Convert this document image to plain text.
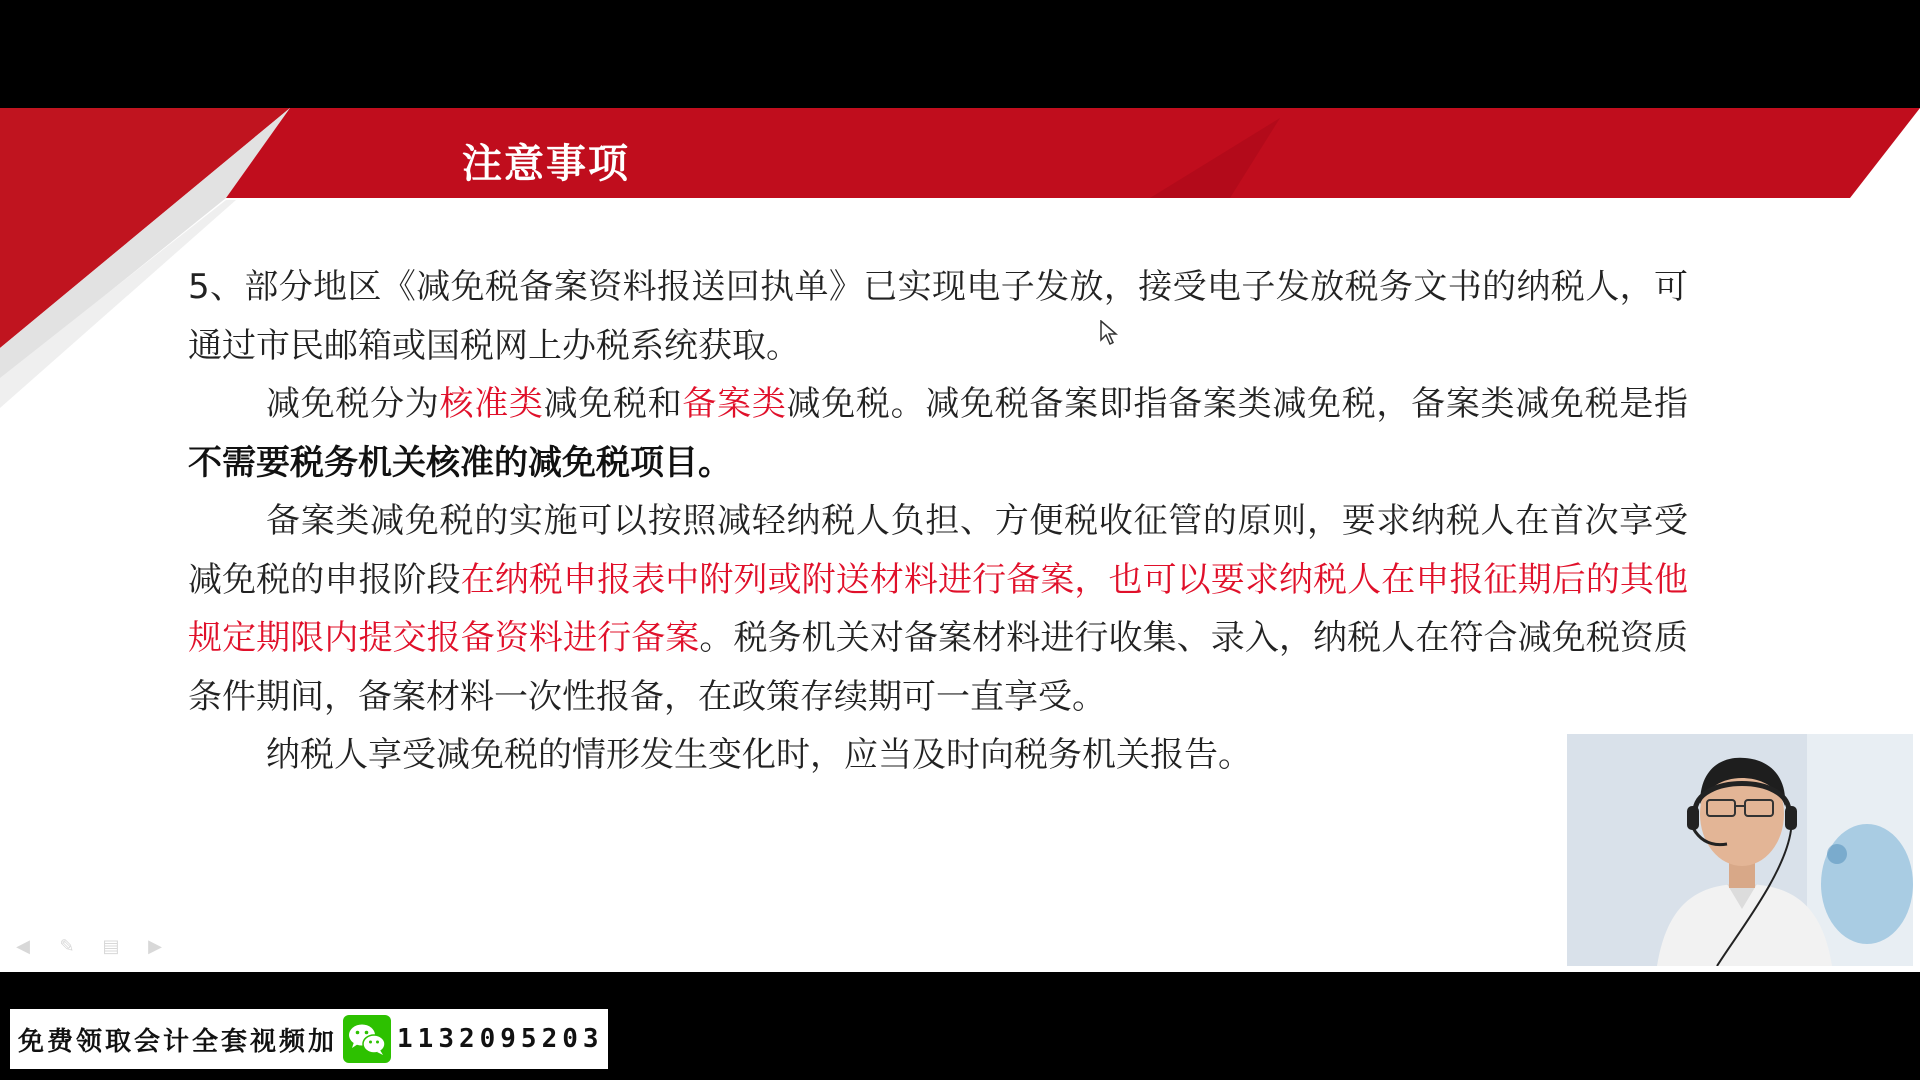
注意事项

5、部分地区《减免税备案资料报送回执单》已实现电子发放，接受电子发放税务文书的纳税人，可通过市民邮箱或国税网上办税系统获取。

减免税分为核准类减免税和备案类减免税。减免税备案即指备案类减免税，备案类减免税是指不需要税务机关核准的减免税项目。

备案类减免税的实施可以按照减轻纳税人负担、方便税收征管的原则，要求纳税人在首次享受减免税的申报阶段在纳税申报表中附列或附送材料进行备案，也可以要求纳税人在申报征期后的其他规定期限内提交报备资料进行备案。税务机关对备案材料进行收集、录入，纳税人在符合减免税资质条件期间，备案材料一次性报备，在政策存续期可一直享受。

纳税人享受减免税的情形发生变化时，应当及时向税务机关报告。

◀	✎	▤	▶
免费领取会计全套视频加 1132095203
